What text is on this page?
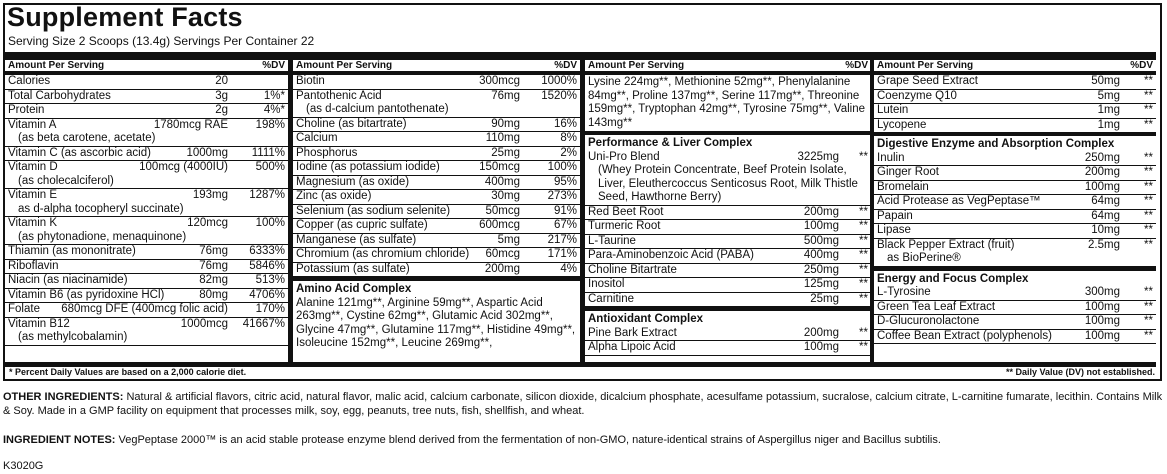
Supplement Facts
Serving Size 2 Scoops (13.4g) Servings Per Container 22
Amount Per Serving	%DV
Calories	20
Total Carbohydrates	3g	1%*
Protein	2g	4%*
Vitamin A	1780mcg RAE 198%
(as beta carotene, acetate)
Vitamin C (as ascorbic acid)	1000mg 1111%
Vitamin D	100mcg (4000IU) 500%
(as cholecalciferol)
Vitamin E	193mg 1287%
as d-alpha tocopheryl succinate)
Vitamin K	120mcg 100%
(as phytonadione, menaquinone)
Thiamin (as mononitrate)	76mg 6333%
Riboflavin	76mg 5846%
Niacin (as niacinamide)	82mg 513%
Vitamin B6 (as pyridoxine HCl)	80mg 4706%
Folate 680mcg DFE (400mcg folic acid) 170%
Vitamin B12	1000mcg 41667%
(as methylcobalamin)
Amount Per Serving	%DV
Biotin	300mcg 1000%
Pantothenic Acid	76mg 1520%
(as d-calcium pantothenate)
Choline (as bitartrate)	90mg	16%
Calcium	110mg	8%
Phosphorus	25mg	2%
Iodine (as potassium iodide)	150mcg 100%
Magnesium (as oxide)	400mg	95%
Zinc (as oxide)	30mg 273%
Selenium (as sodium selenite)	50mcg	91%
Copper (as cupric sulfate)	600mcg	67%
Manganese (as sulfate)	5mg 217%
Chromium (as chromium chloride) 60mcg 171%
Potassium (as sulfate)	200mg	4%
Amino Acid Complex
Alanine 121mg**, Arginine 59mg**, Aspartic Acid 263mg**, Cystine 62mg**, Glutamic Acid 302mg**, Glycine 47mg**, Glutamine 117mg**, Histidine 49mg**, Isoleucine 152mg**, Leucine 269mg**,
Amount Per Serving	%DV
Lysine 224mg**, Methionine 52mg**, Phenylalanine 84mg**, Proline 137mg**, Serine 117mg**, Threonine 159mg**, Tryptophan 42mg**, Tyrosine 75mg**, Valine 143mg**
Performance & Liver Complex
Uni-Pro Blend	3225mg **
(Whey Protein Concentrate, Beef Protein Isolate, Liver, Eleuthercoccus Senticosus Root, Milk Thistle Seed, Hawthorne Berry)
Red Beet Root	200mg **
Turmeric Root	100mg **
L-Taurine	500mg **
Para-Aminobenzoic Acid (PABA)	400mg **
Choline Bitartrate	250mg **
Inositol	125mg **
Carnitine	25mg **
Antioxidant Complex
Pine Bark Extract	200mg **
Alpha Lipoic Acid	100mg **
Amount Per Serving	%DV
Grape Seed Extract	50mg **
Coenzyme Q10	5mg **
Lutein	1mg **
Lycopene	1mg **
Digestive Enzyme and Absorption Complex
Inulin	250mg **
Ginger Root	200mg **
Bromelain	100mg **
Acid Protease as VegPeptase™	64mg **
Papain	64mg **
Lipase	10mg **
Black Pepper Extract (fruit)	2.5mg **
as BioPerine®
Energy and Focus Complex
L-Tyrosine	300mg **
Green Tea Leaf Extract	100mg **
D-Glucuronolactone	100mg **
Coffee Bean Extract (polyphenols)	100mg **
* Percent Daily Values are based on a 2,000 calorie diet.	** Daily Value (DV) not established.
OTHER INGREDIENTS: Natural & artificial flavors, citric acid, natural flavor, malic acid, calcium carbonate, silicon dioxide, dicalcium phosphate, acesulfame potassium, sucralose, calcium citrate, L-carnitine fumarate, lecithin. Contains Milk & Soy. Made in a GMP facility on equipment that processes milk, soy, egg, peanuts, tree nuts, fish, shellfish, and wheat.
INGREDIENT NOTES: VegPeptase 2000™ is an acid stable protease enzyme blend derived from the fermentation of non-GMO, nature-identical strains of Aspergillus niger and Bacillus subtilis.
K3020G
